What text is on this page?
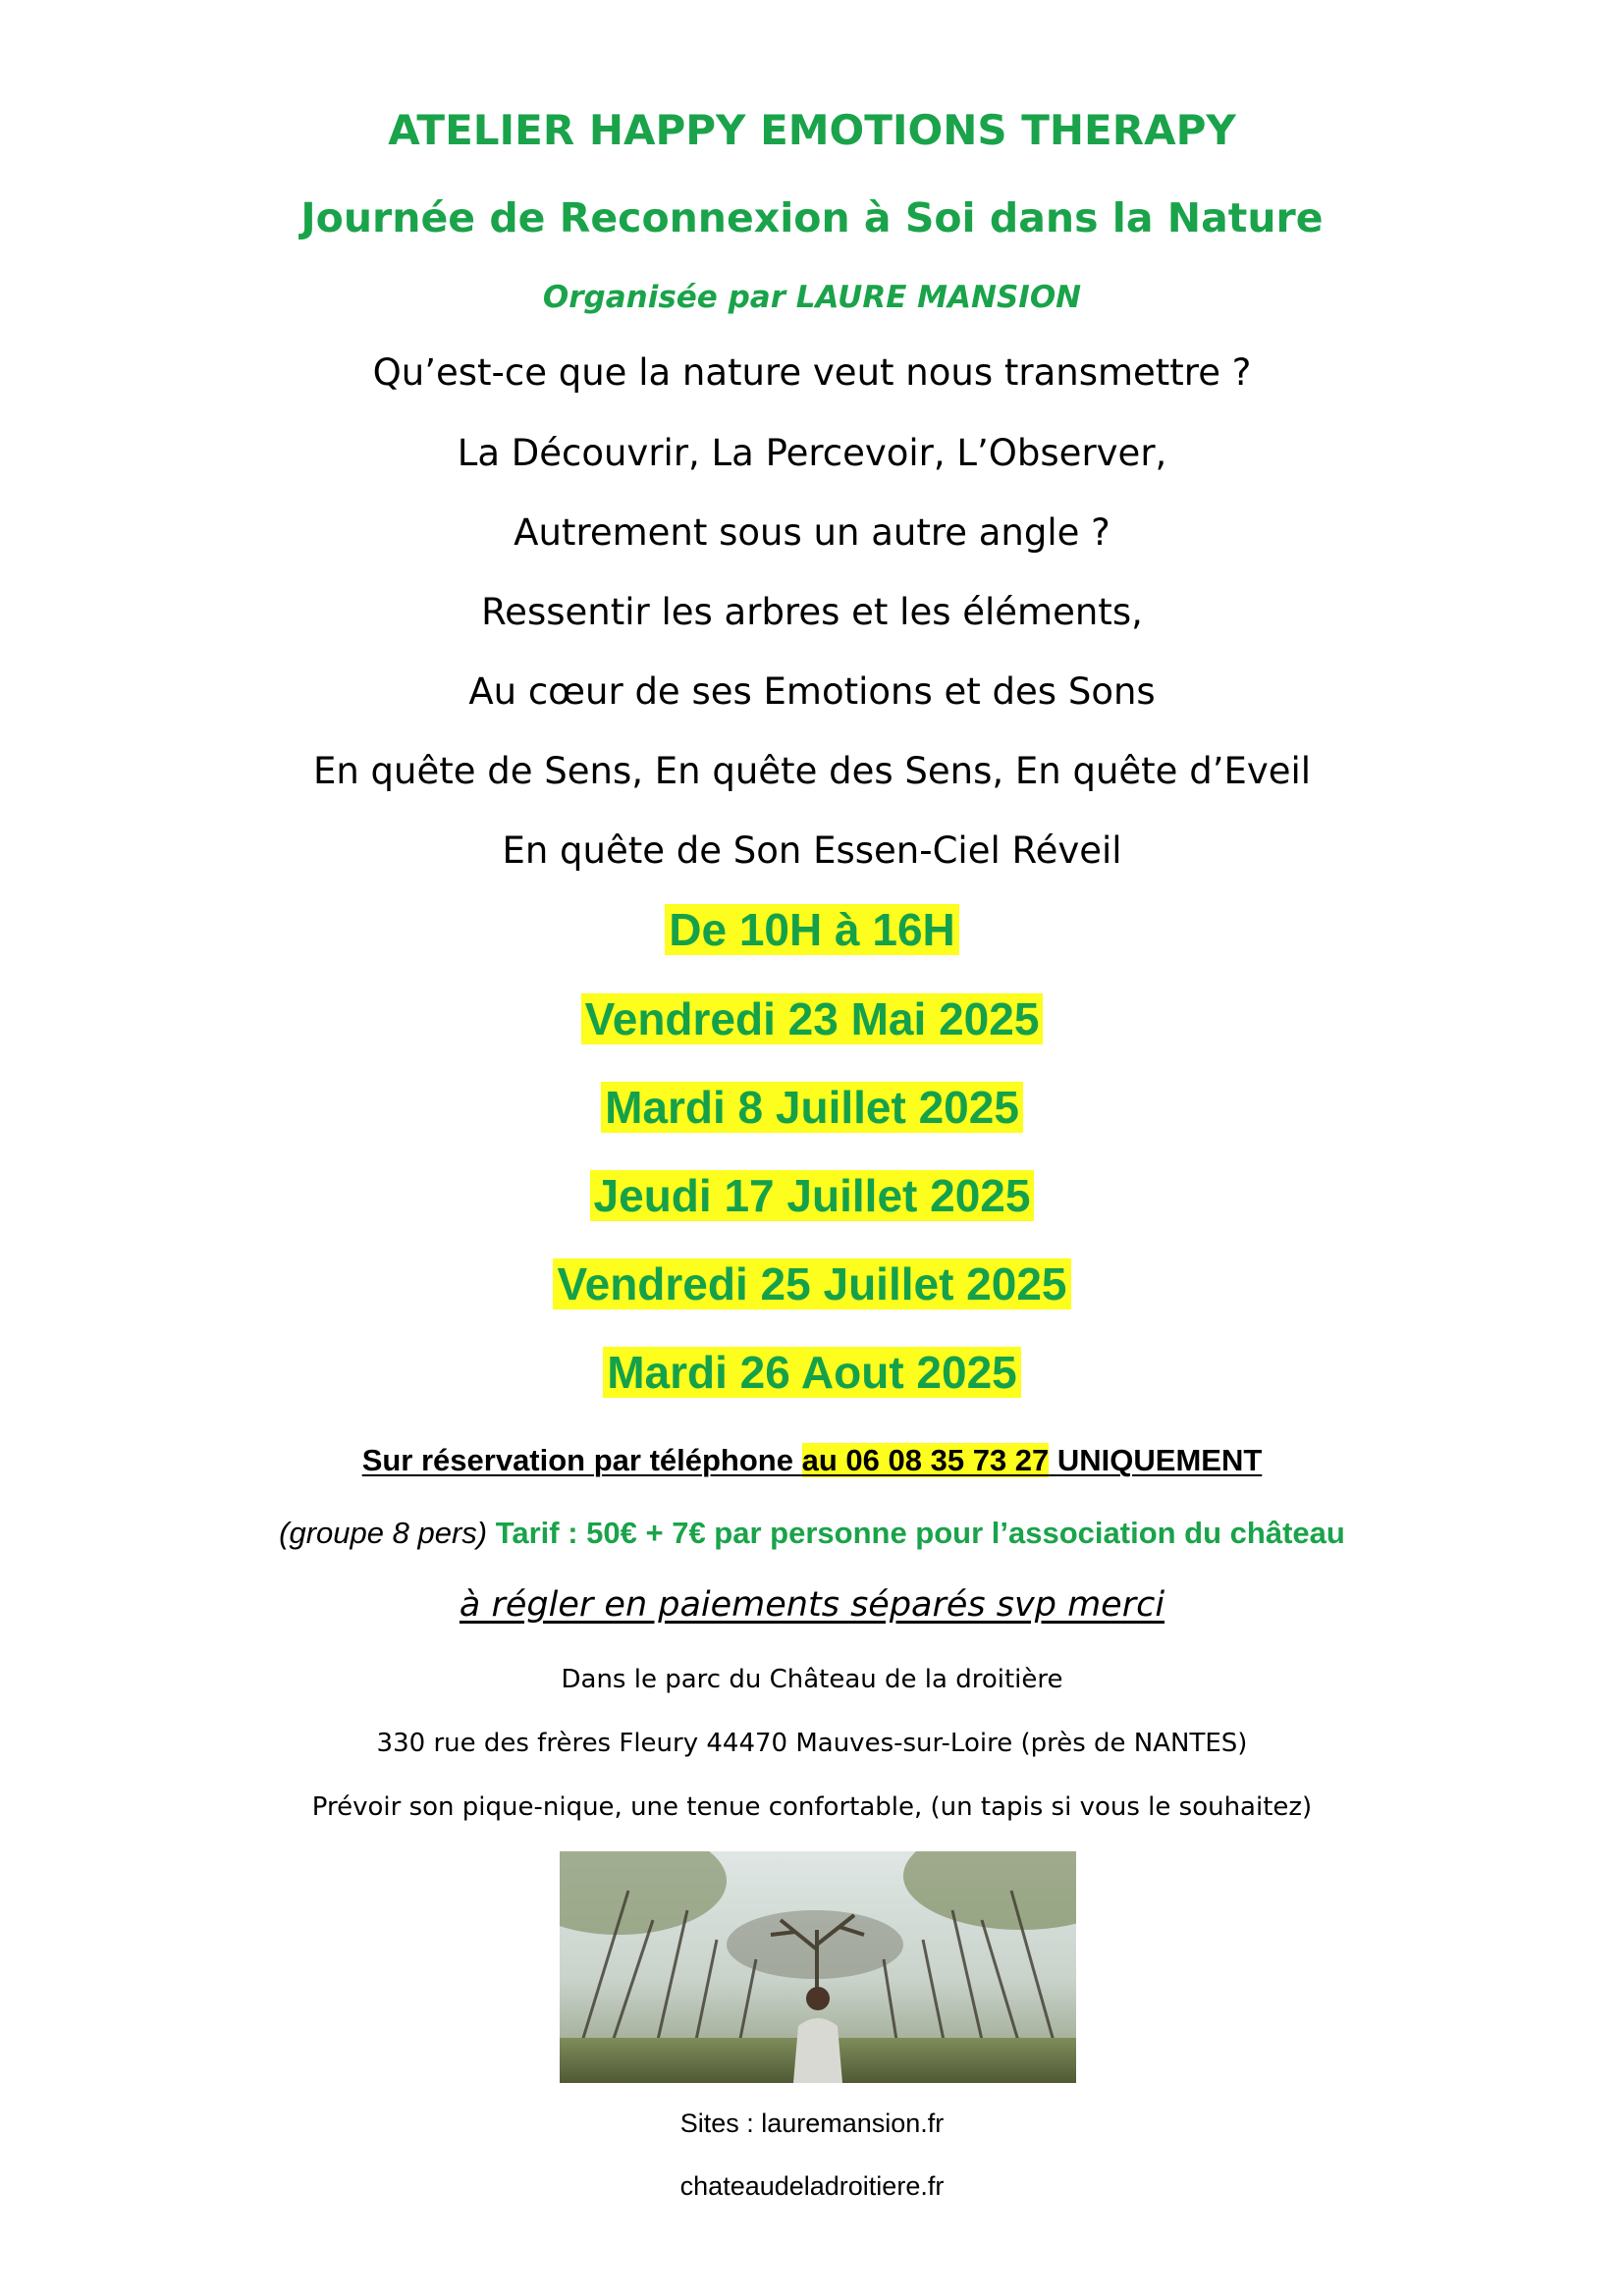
ATELIER HAPPY EMOTIONS THERAPY
Journée de Reconnexion à Soi dans la Nature
Organisée par LAURE MANSION
Qu’est-ce que la nature veut nous transmettre ?
La Découvrir, La Percevoir, L’Observer,
Autrement sous un autre angle ?
Ressentir les arbres et les éléments,
Au cœur de ses Emotions et des Sons
En quête de Sens, En quête des Sens, En quête d’Eveil
En quête de Son Essen-Ciel Réveil
De 10H à 16H
Vendredi 23 Mai 2025
Mardi 8 Juillet 2025
Jeudi 17 Juillet 2025
Vendredi 25 Juillet 2025
Mardi 26 Aout 2025
Sur réservation par téléphone au 06 08 35 73 27 UNIQUEMENT
(groupe 8 pers) Tarif : 50€ + 7€ par personne pour l’association du château
à régler en paiements séparés svp merci
Dans le parc du Château de la droitière
330 rue des frères Fleury 44470 Mauves-sur-Loire (près de NANTES)
Prévoir son pique-nique, une tenue confortable, (un tapis si vous le souhaitez)
Sites : lauremansion.fr
chateaudeladroitiere.fr
